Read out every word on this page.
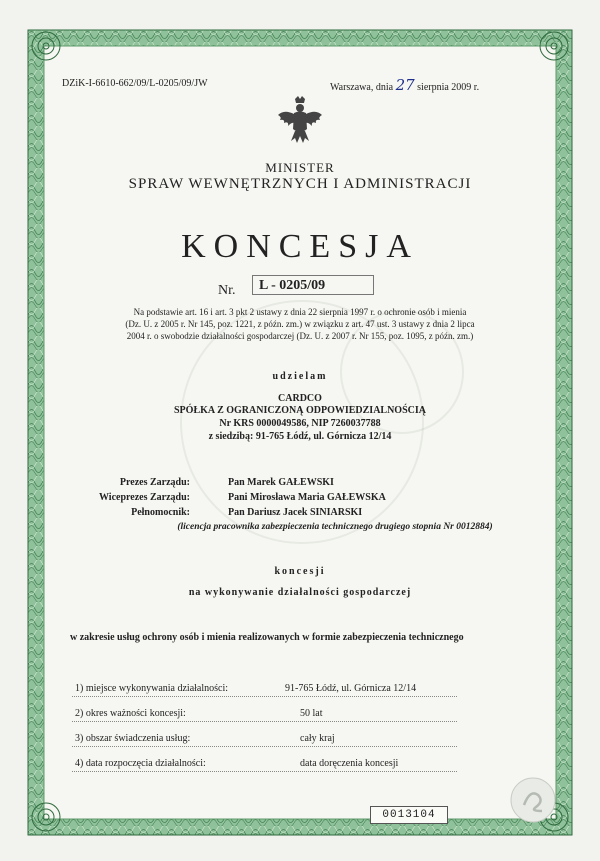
DZiK-I-6610-662/09/L-0205/09/JW	Warszawa, dnia 27 sierpnia 2009 r.
MINISTER
SPRAW WEWNĘTRZNYCH I ADMINISTRACJI
KONCESJA
Nr.	L - 0205/09
Na podstawie art. 16 i art. 3 pkt 2 ustawy z dnia 22 sierpnia 1997 r. o ochronie osób i mienia
(Dz. U. z 2005 r. Nr 145, poz. 1221, z późn. zm.) w związku z art. 47 ust. 3 ustawy z dnia 2 lipca
2004 r. o swobodzie działalności gospodarczej (Dz. U. z 2007 r. Nr 155, poz. 1095, z późn. zm.)
udzielam
CARDCO
SPÓŁKA Z OGRANICZONĄ ODPOWIEDZIALNOŚCIĄ
Nr KRS 0000049586, NIP 7260037788
z siedzibą: 91-765 Łódź, ul. Górnicza 12/14
Prezes Zarządu:	Pan Marek GAŁEWSKI
Wiceprezes Zarządu:	Pani Mirosława Maria GAŁEWSKA
Pełnomocnik:	Pan Dariusz Jacek SINIARSKI
(licencja pracownika zabezpieczenia technicznego drugiego stopnia Nr 0012884)
koncesji
na wykonywanie działalności gospodarczej
w zakresie usług ochrony osób i mienia realizowanych w formie zabezpieczenia technicznego
1) miejsce wykonywania działalności:	91-765 Łódź, ul. Górnicza 12/14
2) okres ważności koncesji:	50 lat
3) obszar świadczenia usług:	cały kraj
4) data rozpoczęcia działalności:	data doręczenia koncesji
0013104
